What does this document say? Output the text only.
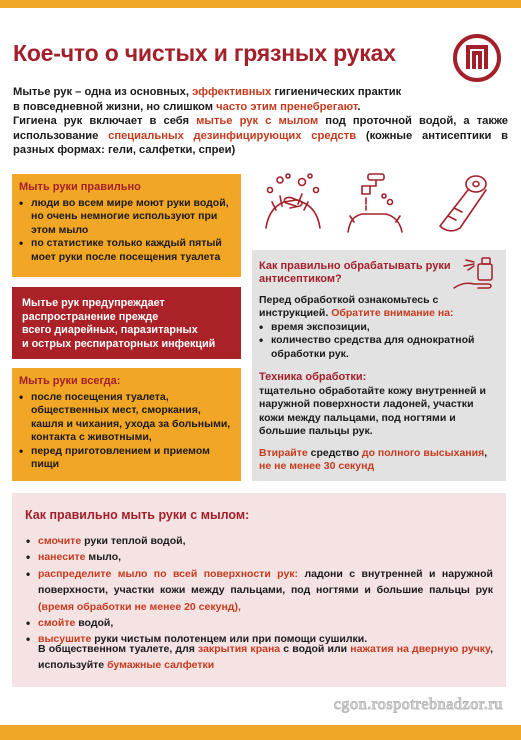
Кое-что о чистых и грязных руках
Мытье рук – одна из основных, эффективных гигиенических практик
в повседневной жизни, но слишком часто этим пренебрегают.
Гигиена рук включает в себя мытье рук с мылом под проточной водой, а также использование специальных дезинфицирующих средств (кожные антисептики в разных формах: гели, салфетки, спреи)
Мыть руки правильно
• люди во всем мире моют руки водой, но очень немногие используют при этом мыло
• по статистике только каждый пятый моет руки после посещения туалета
Мытье рук предупреждает
распространение прежде
всего диарейных, паразитарных
и острых респираторных инфекций
Мыть руки всегда:
• после посещения туалета, общественных мест, сморкания, кашля и чихания, ухода за больными, контакта с животными,
• перед приготовлением и приемом пищи
Как правильно обрабатывать руки
антисептиком?
Перед обработкой ознакомьтесь с инструкцией. Обратите внимание на:
• время экспозиции,
• количество средства для однократной обработки рук.
Техника обработки:
тщательно обработайте кожу внутренней и наружной поверхности ладоней, участки кожи между пальцами, под ногтями и большие пальцы рук.
Втирайте средство до полного высыхания,
не не менее 30 секунд
Как правильно мыть руки с мылом:
• смочите руки теплой водой,
• нанесите мыло,
• распределите мыло по всей поверхности рук: ладони с внутренней и наружной поверхности, участки кожи между пальцами, под ногтями и большие пальцы рук (время обработки не менее 20 секунд),
• смойте водой,
• высушите руки чистым полотенцем или при помощи сушилки.
В общественном туалете, для закрытия крана с водой или нажатия на дверную ручку, используйте бумажные салфетки
cgon.rospotrebnadzor.ru
